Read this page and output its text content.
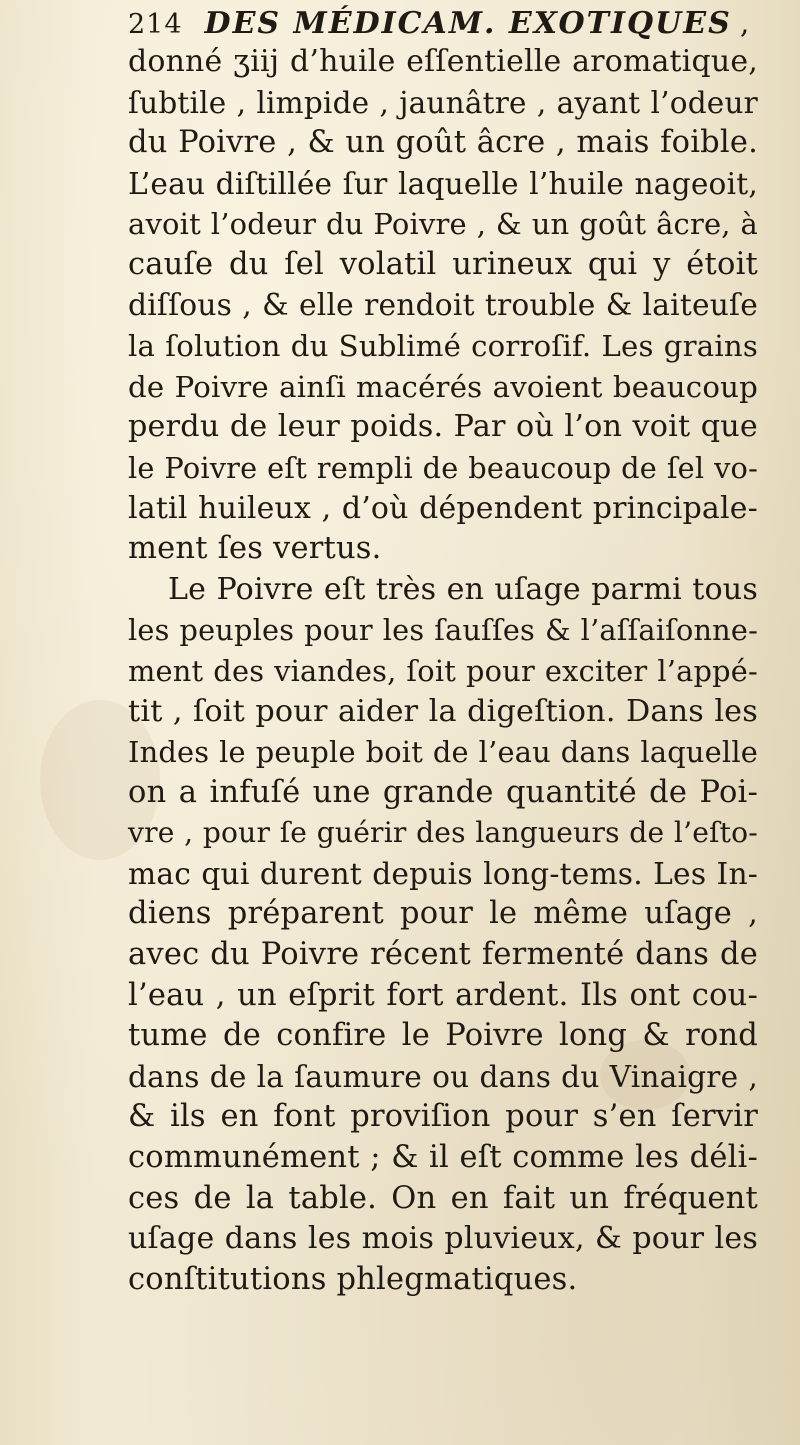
214 DES MÉDICAM. EXOTIQUES ,
donné ʒiij d’huile eſſentielle aromatique,
ſubtile , limpide , jaunâtre , ayant l’odeur
du Poivre , & un goût âcre , mais foible.
L’eau diſtillée ſur laquelle l’huile nageoit,
avoit l’odeur du Poivre , & un goût âcre, à
cauſe du ſel volatil urineux qui y étoit
diſſous , & elle rendoit trouble & laiteuſe
la ſolution du Sublimé corroſif. Les grains
de Poivre ainſi macérés avoient beaucoup
perdu de leur poids. Par où l’on voit que
le Poivre eſt rempli de beaucoup de ſel vo-
latil huileux , d’où dépendent principale-
ment ſes vertus.
Le Poivre eſt très en uſage parmi tous
les peuples pour les ſauſſes & l’aſſaiſonne-
ment des viandes, ſoit pour exciter l’appé-
tit , ſoit pour aider la digeſtion. Dans les
Indes le peuple boit de l’eau dans laquelle
on a infuſé une grande quantité de Poi-
vre , pour ſe guérir des langueurs de l’eſto-
mac qui durent depuis long-tems. Les In-
diens préparent pour le même uſage ,
avec du Poivre récent fermenté dans de
l’eau , un eſprit fort ardent. Ils ont cou-
tume de confire le Poivre long & rond
dans de la ſaumure ou dans du Vinaigre ,
& ils en font proviſion pour s’en ſervir
communément ; & il eſt comme les déli-
ces de la table. On en fait un fréquent
uſage dans les mois pluvieux, & pour les
conſtitutions phlegmatiques.
